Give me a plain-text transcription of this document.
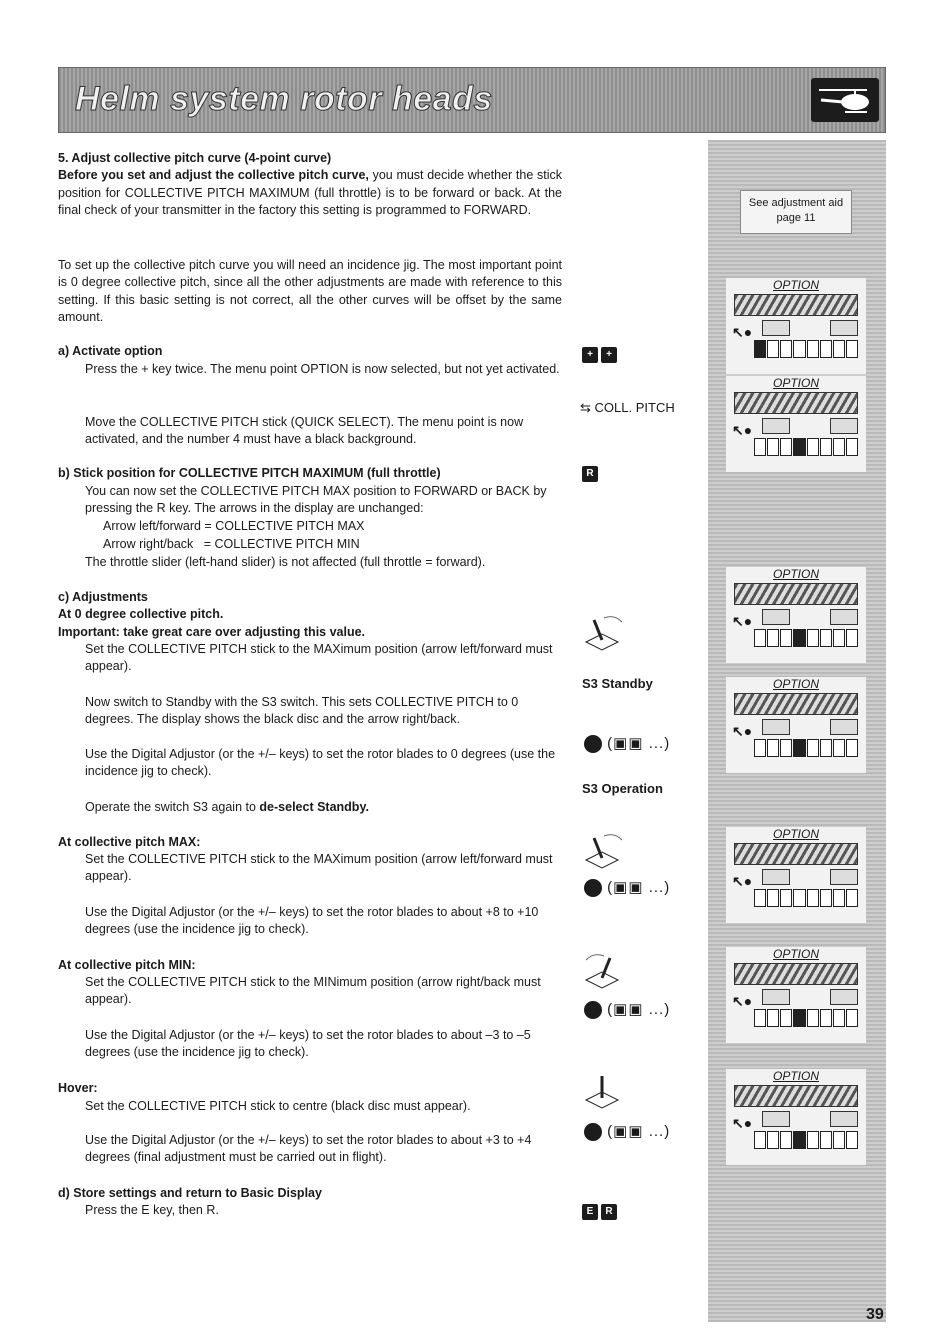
Helm system rotor heads
See adjustment aid
page 11
OPTION
↖●
OPTION
↖●
OPTION
↖●
OPTION
↖●
OPTION
↖●
OPTION
↖●
OPTION
↖●
5. Adjust collective pitch curve (4-point curve)
Before you set and adjust the collective pitch curve, you must decide whether the stick position for COLLECTIVE PITCH MAXIMUM (full throttle) is to be forward or back. At the final check of your transmitter in the factory this setting is programmed to FORWARD.
To set up the collective pitch curve you will need an incidence jig. The most important point is 0 degree collective pitch, since all the other adjustments are made with reference to this setting. If this basic setting is not correct, all the other curves will be offset by the same amount.
a) Activate option
Press the + key twice. The menu point OPTION is now selected, but not yet activated.
Move the COLLECTIVE PITCH stick (QUICK SELECT). The menu point is now activated, and the number 4 must have a black background.
b) Stick position for COLLECTIVE PITCH MAXIMUM (full throttle)
You can now set the COLLECTIVE PITCH MAX position to FORWARD or BACK by pressing the R key. The arrows in the display are unchanged:
Arrow left/forward = COLLECTIVE PITCH MAX
Arrow right/back   = COLLECTIVE PITCH MIN
The throttle slider (left-hand slider) is not affected (full throttle = forward).
c) Adjustments
At 0 degree collective pitch.
Important: take great care over adjusting this value.
Set the COLLECTIVE PITCH stick to the MAXimum position (arrow left/forward must appear).
Now switch to Standby with the S3 switch. This sets COLLECTIVE PITCH to 0 degrees. The display shows the black disc and the arrow right/back.
Use the Digital Adjustor (or the +/– keys) to set the rotor blades to 0 degrees (use the incidence jig to check).
Operate the switch S3 again to de-select Standby.
At collective pitch MAX:
Set the COLLECTIVE PITCH stick to the MAXimum position (arrow left/forward must appear).
Use the Digital Adjustor (or the +/– keys) to set the rotor blades to about +8 to +10 degrees (use the incidence jig to check).
At collective pitch MIN:
Set the COLLECTIVE PITCH stick to the MINimum position (arrow right/back must appear).
Use the Digital Adjustor (or the +/– keys) to set the rotor blades to about –3 to –5 degrees (use the incidence jig to check).
Hover:
Set the COLLECTIVE PITCH stick to centre (black disc must appear).
Use the Digital Adjustor (or the +/– keys) to set the rotor blades to about +3 to +4 degrees (final adjustment must be carried out in flight).
d) Store settings and return to Basic Display
Press the E key, then R.
+ +
⇆ COLL. PITCH
R
S3 Standby
(▣▣ ...)
S3 Operation
(▣▣ ...)
(▣▣ ...)
(▣▣ ...)
E R
39
